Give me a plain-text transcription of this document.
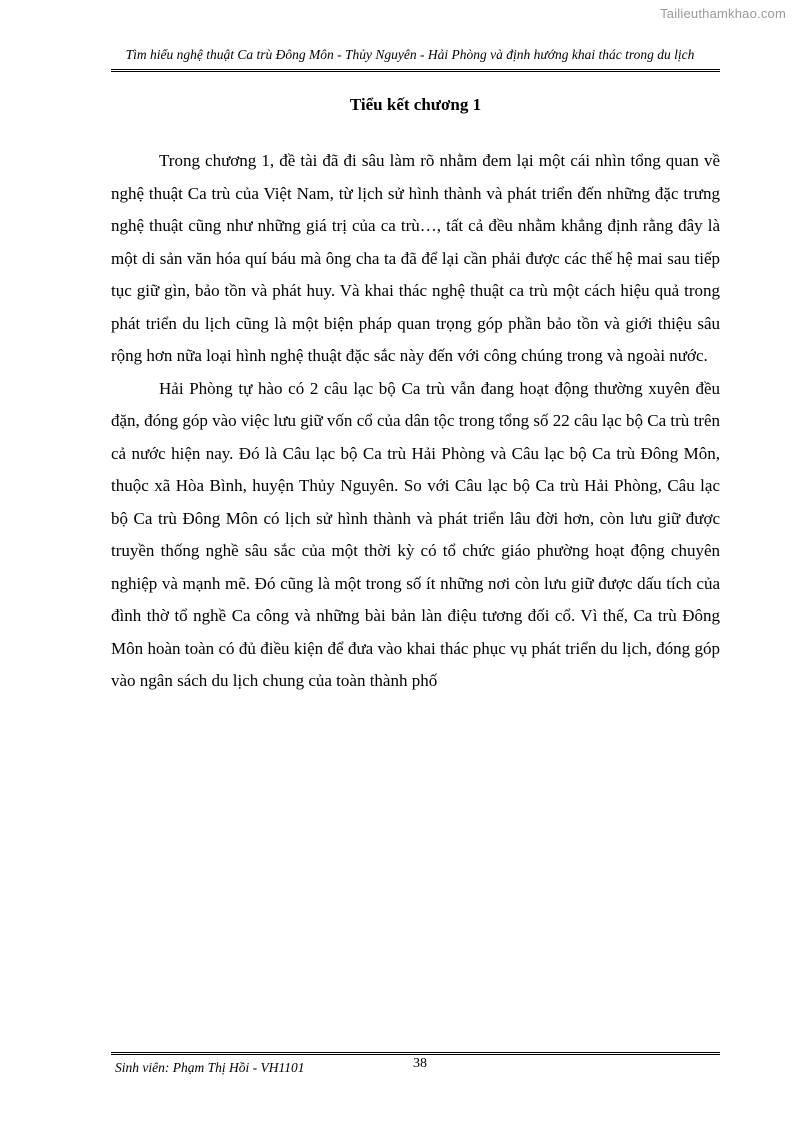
Tailieuthamkhao.com
Tìm hiểu nghệ thuật Ca trù Đông Môn - Thủy Nguyên - Hải Phòng và định hướng khai thác trong du lịch
Tiểu kết chương 1

Trong chương 1, đề tài đã đi sâu làm rõ nhằm đem lại một cái nhìn tổng quan về nghệ thuật Ca trù của Việt Nam, từ lịch sử hình thành và phát triển đến những đặc trưng nghệ thuật cũng như những giá trị của ca trù…, tất cả đều nhằm khẳng định rằng đây là một di sản văn hóa quí báu mà ông cha ta đã để lại cần phải được các thế hệ mai sau tiếp tục giữ gìn, bảo tồn và phát huy. Và khai thác nghệ thuật ca trù một cách hiệu quả trong phát triển du lịch cũng là một biện pháp quan trọng góp phần bảo tồn và giới thiệu sâu rộng hơn nữa loại hình nghệ thuật đặc sắc này đến với công chúng trong và ngoài nước.

Hải Phòng tự hào có 2 câu lạc bộ Ca trù vẫn đang hoạt động thường xuyên đều đặn, đóng góp vào việc lưu giữ vốn cổ của dân tộc trong tổng số 22 câu lạc bộ Ca trù trên cả nước hiện nay. Đó là Câu lạc bộ Ca trù Hải Phòng và Câu lạc bộ Ca trù Đông Môn, thuộc xã Hòa Bình, huyện Thủy Nguyên. So với Câu lạc bộ Ca trù Hải Phòng, Câu lạc bộ Ca trù Đông Môn có lịch sử hình thành và phát triển lâu đời hơn, còn lưu giữ được truyền thống nghề sâu sắc của một thời kỳ có tổ chức giáo phường hoạt động chuyên nghiệp và mạnh mẽ. Đó cũng là một trong số ít những nơi còn lưu giữ được dấu tích của đình thờ tổ nghề Ca công và những bài bản làn điệu tương đối cổ. Vì thế, Ca trù Đông Môn hoàn toàn có đủ điều kiện để đưa vào khai thác phục vụ phát triển du lịch, đóng góp vào ngân sách du lịch chung của toàn thành phố

Sinh viên: Phạm Thị Hồi - VH1101	38
